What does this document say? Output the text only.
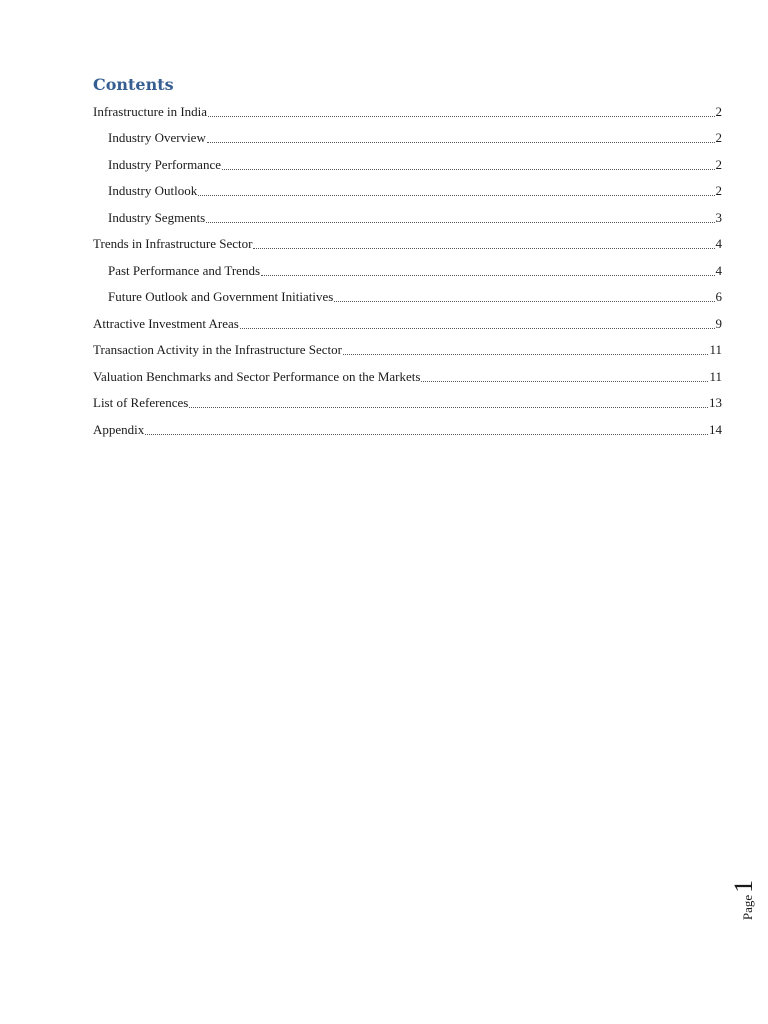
Contents
Infrastructure in India	2
Industry Overview	2
Industry Performance	2
Industry Outlook	2
Industry Segments	3
Trends in Infrastructure Sector	4
Past Performance and Trends	4
Future Outlook and Government Initiatives	6
Attractive Investment Areas	9
Transaction Activity in the Infrastructure Sector	11
Valuation Benchmarks and Sector Performance on the Markets	11
List of References	13
Appendix	14
Page
1
